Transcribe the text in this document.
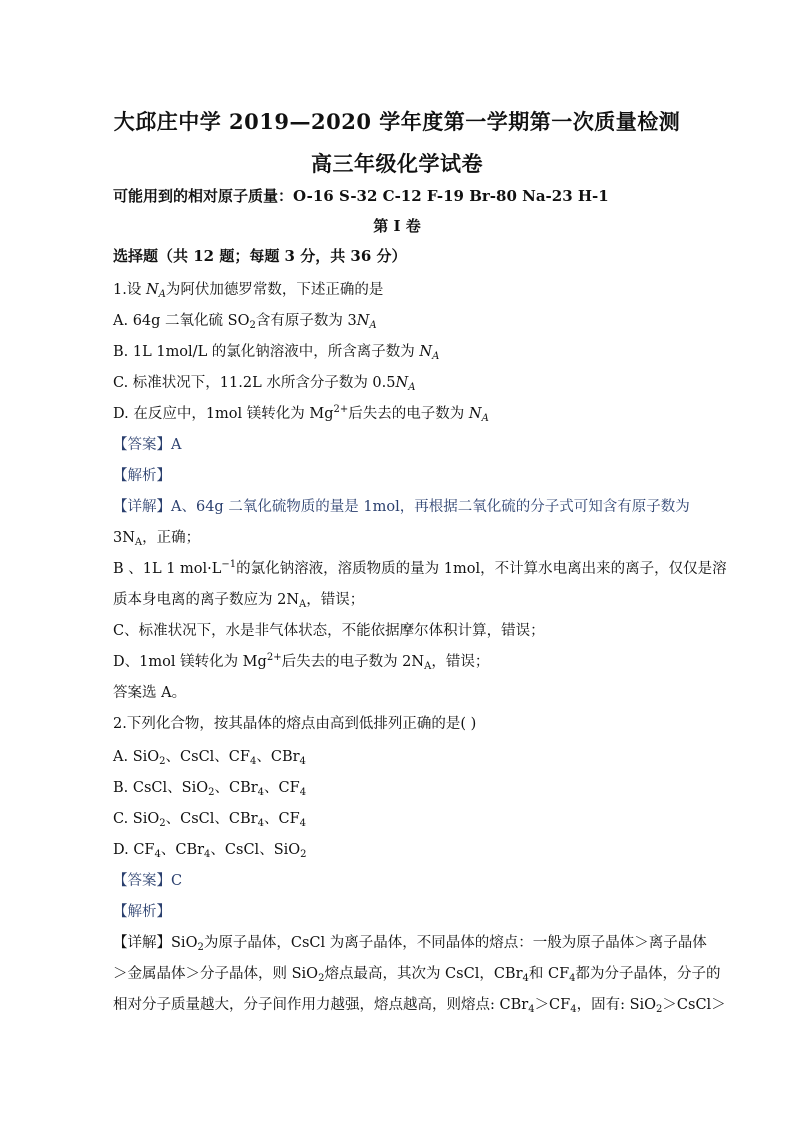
大邱庄中学 2019—2020 学年度第一学期第一次质量检测
高三年级化学试卷
可能用到的相对原子质量：O-16 S-32 C-12 F-19 Br-80 Na-23 H-1
第 I 卷
选择题（共 12 题；每题 3 分，共 36 分）
1.设 $N_A$为阿伏加德罗常数，下述正确的是
A. 64g 二氧化硫 $SO_2$含有原子数为 $3N_A$
B. 1L 1mol/L 的氯化钠溶液中，所含离子数为 $N_A$
C. 标准状况下，11.2L 水所含分子数为 $0.5N_A$
D. 在反应中，1mol 镁转化为 $Mg^{2+}$后失去的电子数为 $N_A$
【答案】A
【解析】
【详解】A、64g 二氧化硫物质的量是 1mol，再根据二氧化硫的分子式可知含有原子数为
$3N_A$，正确；
B 、1L 1 $mol\cdot L^{-1}$的氯化钠溶液，溶质物质的量为 1mol，不计算水电离出来的离子，仅仅是溶
质本身电离的离子数应为 $2N_A$，错误；
C、标准状况下，水是非气体状态，不能依据摩尔体积计算，错误；
D、1mol 镁转化为 $Mg^{2+}$后失去的电子数为 $2N_A$，错误；
答案选 A。
2.下列化合物，按其晶体的熔点由高到低排列正确的是( )
A. SiO$_2$、CsCl、$CF_4$、CBr$_4$
B. CsCl、SiO$_2$、CBr$_4$、$CF_4$
C. SiO$_2$、CsCl、CBr$_4$、$CF_4$
D. $CF_4$、CBr$_4$、CsCl、SiO$_2$
【答案】C
【解析】
【详解】SiO$_2$为原子晶体，CsCl 为离子晶体，不同晶体的熔点：一般为原子晶体＞离子晶体
＞金属晶体＞分子晶体，则 SiO$_2$熔点最高，其次为 CsCl，CBr$_4$和 $CF_4$都为分子晶体，分子的
相对分子质量越大，分子间作用力越强，熔点越高，则熔点: $CBr_4>CF_4$，固有: SiO$_2$＞CsCl＞
